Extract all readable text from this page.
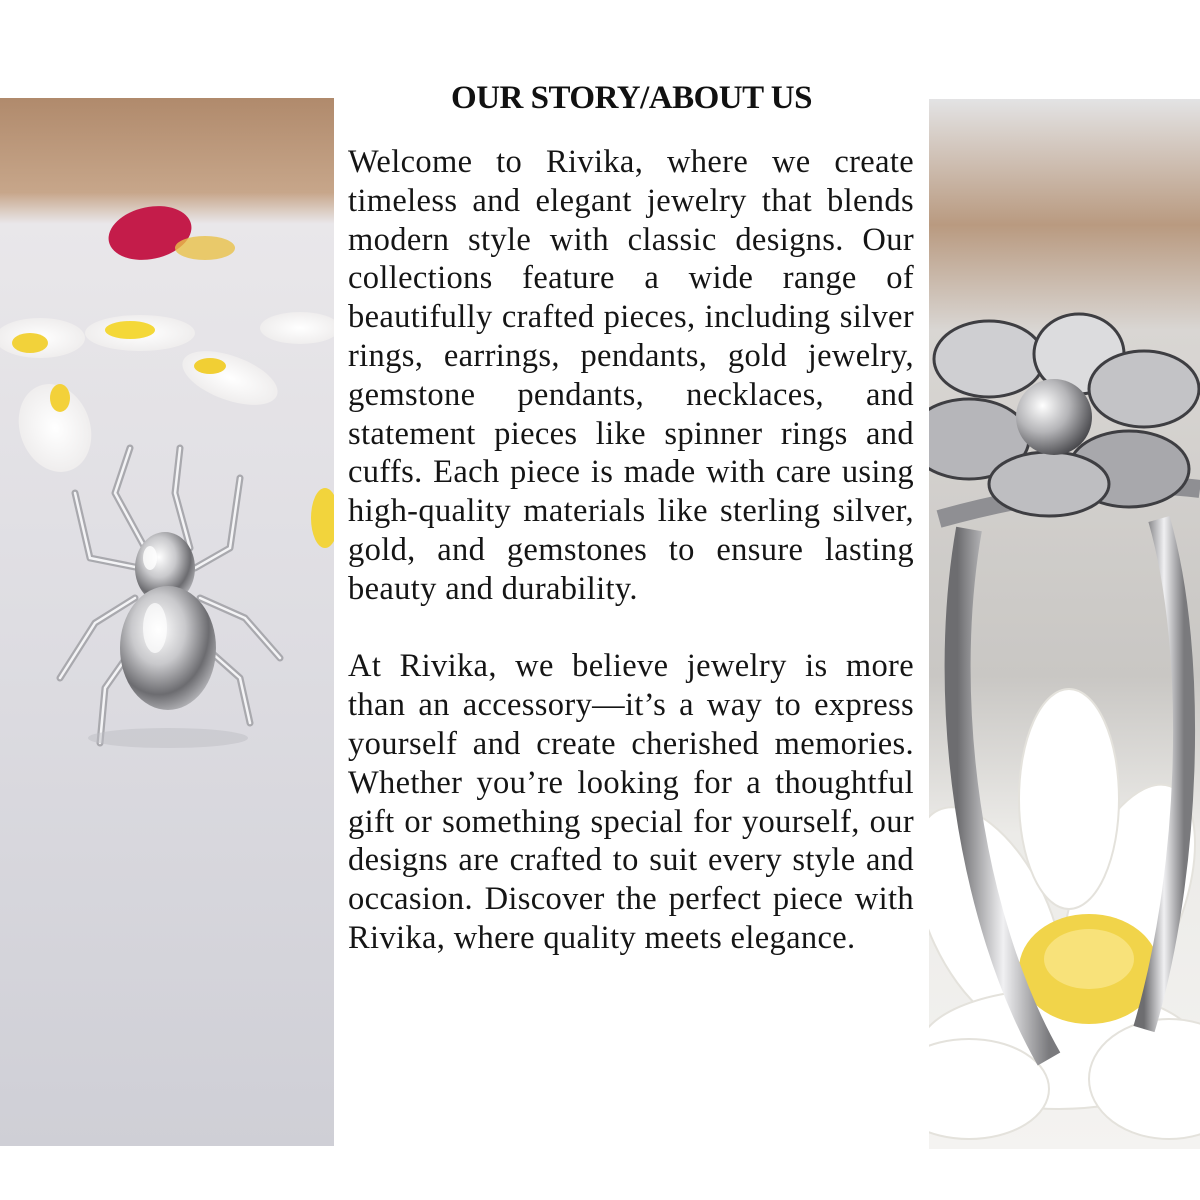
OUR STORY/ABOUT US

Welcome to Rivika, where we create timeless and elegant jewelry that blends modern style with classic designs. Our collections feature a wide range of beautifully crafted pieces, including silver rings, earrings, pendants, gold jewelry, gemstone pendants, necklaces, and statement pieces like spinner rings and cuffs. Each piece is made with care using high-quality materials like sterling silver, gold, and gemstones to ensure lasting beauty and durability.

At Rivika, we believe jewelry is more than an accessory—it’s a way to express yourself and create cherished memories. Whether you’re looking for a thoughtful gift or something special for yourself, our designs are crafted to suit every style and occasion. Discover the perfect piece with Rivika, where quality meets elegance.
